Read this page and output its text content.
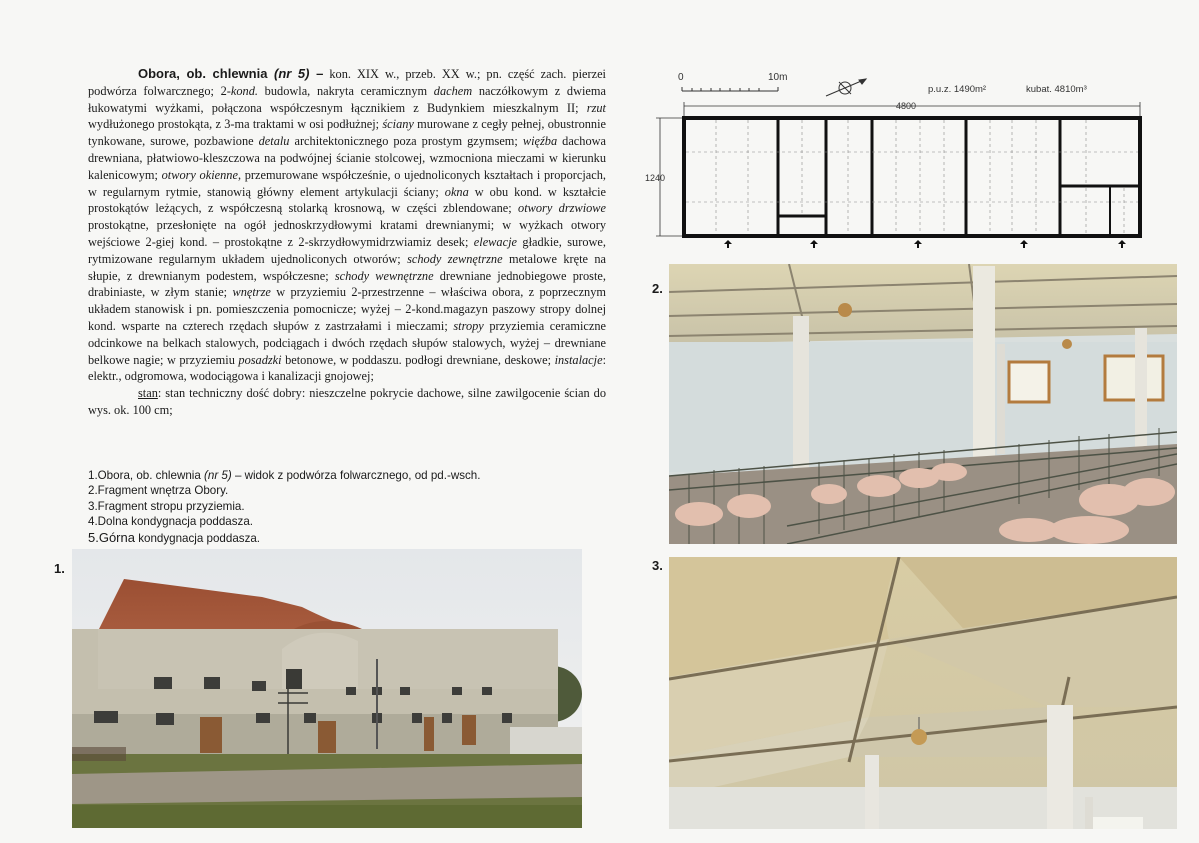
Obora, ob. chlewnia (nr 5) – kon. XIX w., przeb. XX w.; pn. część zach. pierzei podwórza folwarcznego; 2-kond. budowla, nakryta ceramicznym dachem naczółkowym z dwiema łukowatymi wyżkami, połączona współczesnym łącznikiem z Budynkiem mieszkalnym II; rzut wydłużonego prostokąta, z 3-ma traktami w osi podłużnej; ściany murowane z cegły pełnej, obustronnie tynkowane, surowe, pozbawione detalu architektonicznego poza prostym gzymsem; więźba dachowa drewniana, płatwiowo-kleszczowa na podwójnej ścianie stolcowej, wzmocniona mieczami w kierunku kalenicowym; otwory okienne, przemurowane współcześnie, o ujednoliconych kształtach i proporcjach, w regularnym rytmie, stanowią główny element artykulacji ściany; okna w obu kond. w kształcie prostokątów leżących, z współczesną stolarką krosnową, w części zblendowane; otwory drzwiowe prostokątne, przesłonięte na ogół jednoskrzydłowymi kratami drewnianymi; w wyżkach otwory wejściowe 2-giej kond. – prostokątne z 2-skrzydłowymidrzwiamiz desek; elewacje gładkie, surowe, rytmizowane regularnym układem ujednoliconych otworów; schody zewnętrzne metalowe kręte na słupie, z drewnianym podestem, współczesne; schody wewnętrzne drewniane jednobiegowe proste, drabiniaste, w złym stanie; wnętrze w przyziemiu 2-przestrzenne – właściwa obora, z poprzecznym układem stanowisk i pn. pomieszczenia pomocnicze; wyżej – 2-kond.magazyn paszowy stropy dolnej kond. wsparte na czterech rzędach słupów z zastrzałami i mieczami; stropy przyziemia ceramiczne odcinkowe na belkach stalowych, podciągach i dwóch rzędach słupów stalowych, wyżej – drewniane belkowe nagie; w przyziemiu posadzki betonowe, w poddaszu. podłogi drewniane, deskowe; instalacje: elektr., odgromowa, wodociągowa i kanalizacji gnojowej;

stan: stan techniczny dość dobry: nieszczelne pokrycie dachowe, silne zawilgocenie ścian do wys. ok. 100 cm;

1.Obora, ob. chlewnia (nr 5) – widok z podwórza folwarcznego, od pd.-wsch.
2.Fragment wnętrza Obory.
3.Fragment stropu przyziemia.
4.Dolna kondygnacja poddasza.
5.Górna kondygnacja poddasza.
1.
2.
3.
0	10m
p.u.z. 1490m²	kubat. 4810m³
4800
1240
